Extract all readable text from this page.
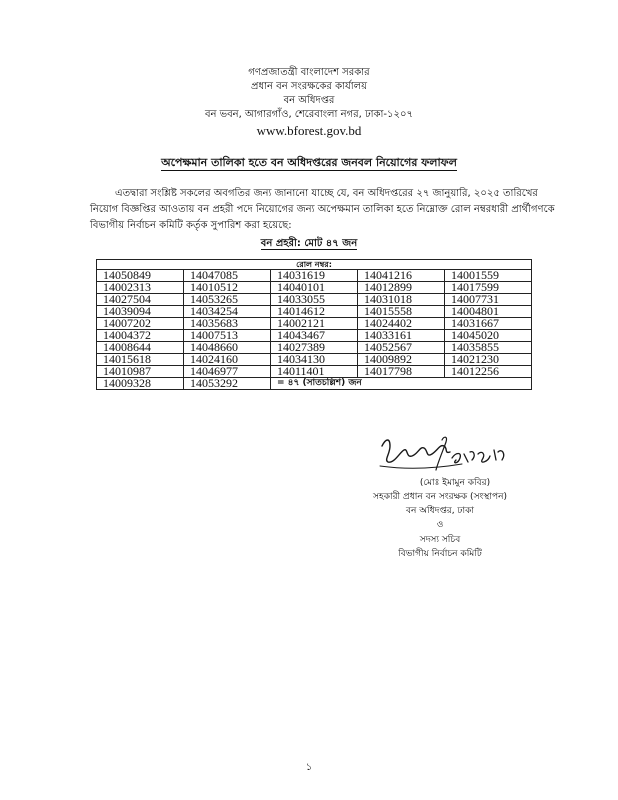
গণপ্রজাতন্ত্রী বাংলাদেশ সরকার
প্রধান বন সংরক্ষকের কার্যালয়
বন অধিদপ্তর
বন ভবন, আগারগাঁও, শেরেবাংলা নগর, ঢাকা-১২০৭
www.bforest.gov.bd
অপেক্ষমান তালিকা হতে বন অধিদপ্তরের জনবল নিয়োগের ফলাফল
এতদ্বারা সংশ্লিষ্ট সকলের অবগতির জন্য জানানো যাচ্ছে যে, বন অধিদপ্তরের ২৭ জানুয়ারি, ২০২৫ তারিখের
নিয়োগ বিজ্ঞপ্তির আওতায় বন প্রহরী পদে নিয়োগের জন্য অপেক্ষমান তালিকা হতে নিম্নোক্ত রোল নম্বরধারী প্রার্থীগণকে
বিভাগীয় নির্বাচন কমিটি কর্তৃক সুপারিশ করা হয়েছে:
বন প্রহরী: মোট ৪৭ জন
রোল নম্বর:				
14050849	14047085	14031619	14041216	14001559
14002313	14010512	14040101	14012899	14017599
14027504	14053265	14033055	14031018	14007731
14039094	14034254	14014612	14015558	14004801
14007202	14035683	14002121	14024402	14031667
14004372	14007513	14043467	14033161	14045020
14008644	14048660	14027389	14052567	14035855
14015618	14024160	14034130	14009892	14021230
14010987	14046977	14011401	14017798	14012256
14009328	14053292	= ৪৭ (সাতচল্লিশ) জন		
(মোঃ ইমামুন কবির)
সহকারী প্রধান বন সংরক্ষক (সংস্থাপন)
বন অধিদপ্তর, ঢাকা
ও
সদস্য সচিব
বিভাগীয় নির্বাচন কমিটি
১
